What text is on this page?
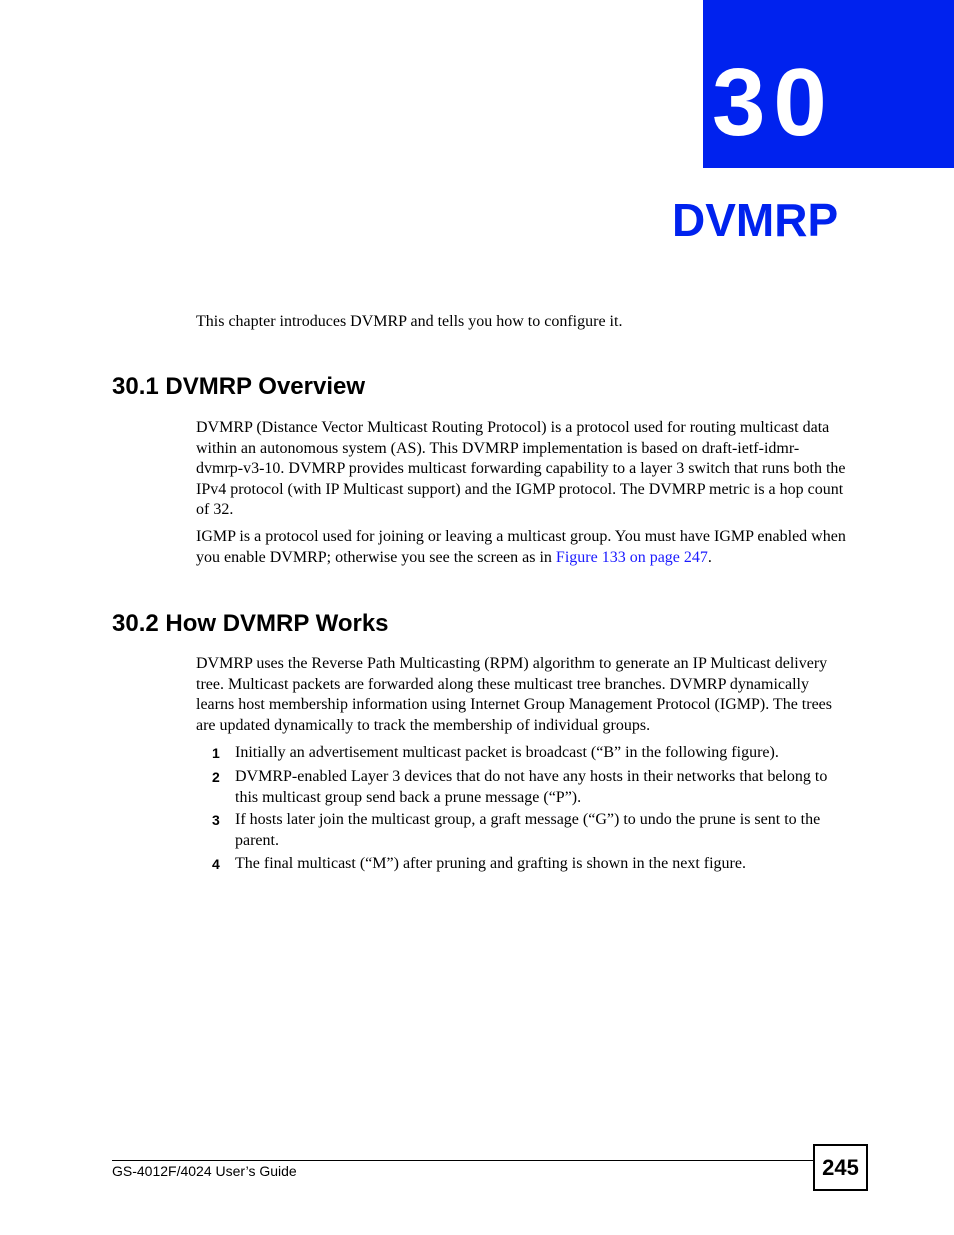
30
DVMRP

This chapter introduces DVMRP and tells you how to configure it.

30.1 DVMRP Overview

DVMRP (Distance Vector Multicast Routing Protocol) is a protocol used for routing multicast data within an autonomous system (AS). This DVMRP implementation is based on draft-ietf-idmr-dvmrp-v3-10. DVMRP provides multicast forwarding capability to a layer 3 switch that runs both the IPv4 protocol (with IP Multicast support) and the IGMP protocol. The DVMRP metric is a hop count of 32.

IGMP is a protocol used for joining or leaving a multicast group. You must have IGMP enabled when you enable DVMRP; otherwise you see the screen as in Figure 133 on page 247.

30.2 How DVMRP Works

DVMRP uses the Reverse Path Multicasting (RPM) algorithm to generate an IP Multicast delivery tree. Multicast packets are forwarded along these multicast tree branches. DVMRP dynamically learns host membership information using Internet Group Management Protocol (IGMP). The trees are updated dynamically to track the membership of individual groups.

1 Initially an advertisement multicast packet is broadcast (“B” in the following figure).
2 DVMRP-enabled Layer 3 devices that do not have any hosts in their networks that belong to this multicast group send back a prune message (“P”).
3 If hosts later join the multicast group, a graft message (“G”) to undo the prune is sent to the parent.
4 The final multicast (“M”) after pruning and grafting is shown in the next figure.
GS-4012F/4024 User’s Guide	245
